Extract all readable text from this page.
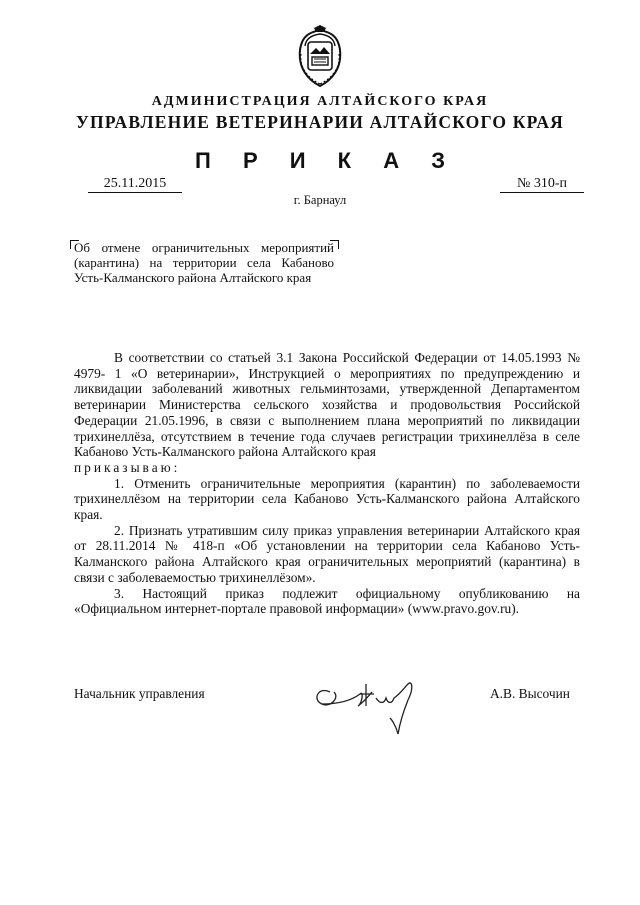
АДМИНИСТРАЦИЯ АЛТАЙСКОГО КРАЯ
УПРАВЛЕНИЕ ВЕТЕРИНАРИИ АЛТАЙСКОГО КРАЯ
П Р И К А З
25.11.2015	№ 310-п
г. Барнаул
Об отмене ограничительных мероприятий (карантина) на территории села Кабаново Усть-Калманского района Алтайского края

В соответствии со статьей 3.1 Закона Российской Федерации от 14.05.1993 № 4979- 1 «О ветеринарии», Инструкцией о мероприятиях по предупреждению и ликвидации заболеваний животных гельминтозами, утвержденной Департаментом ветеринарии Министерства сельского хозяйства и продовольствия Российской Федерации 21.05.1996, в связи с выполнением плана мероприятий по ликвидации трихинеллёза, отсутствием в течение года случаев регистрации трихинеллёза в селе Кабаново Усть-Калманского района Алтайского края

приказываю:

1. Отменить ограничительные мероприятия (карантин) по заболеваемости трихинеллёзом на территории села Кабаново Усть-Калманского района Алтайского края.

2. Признать утратившим силу приказ управления ветеринарии Алтайского края от 28.11.2014 № 418-п «Об установлении на территории села Кабаново Усть-Калманского района Алтайского края ограничительных мероприятий (карантина) в связи с заболеваемостью трихинеллёзом».

3. Настоящий приказ подлежит официальному опубликованию на «Официальном интернет-портале правовой информации» (www.pravo.gov.ru).

Начальник управления	А.В. Высочин
